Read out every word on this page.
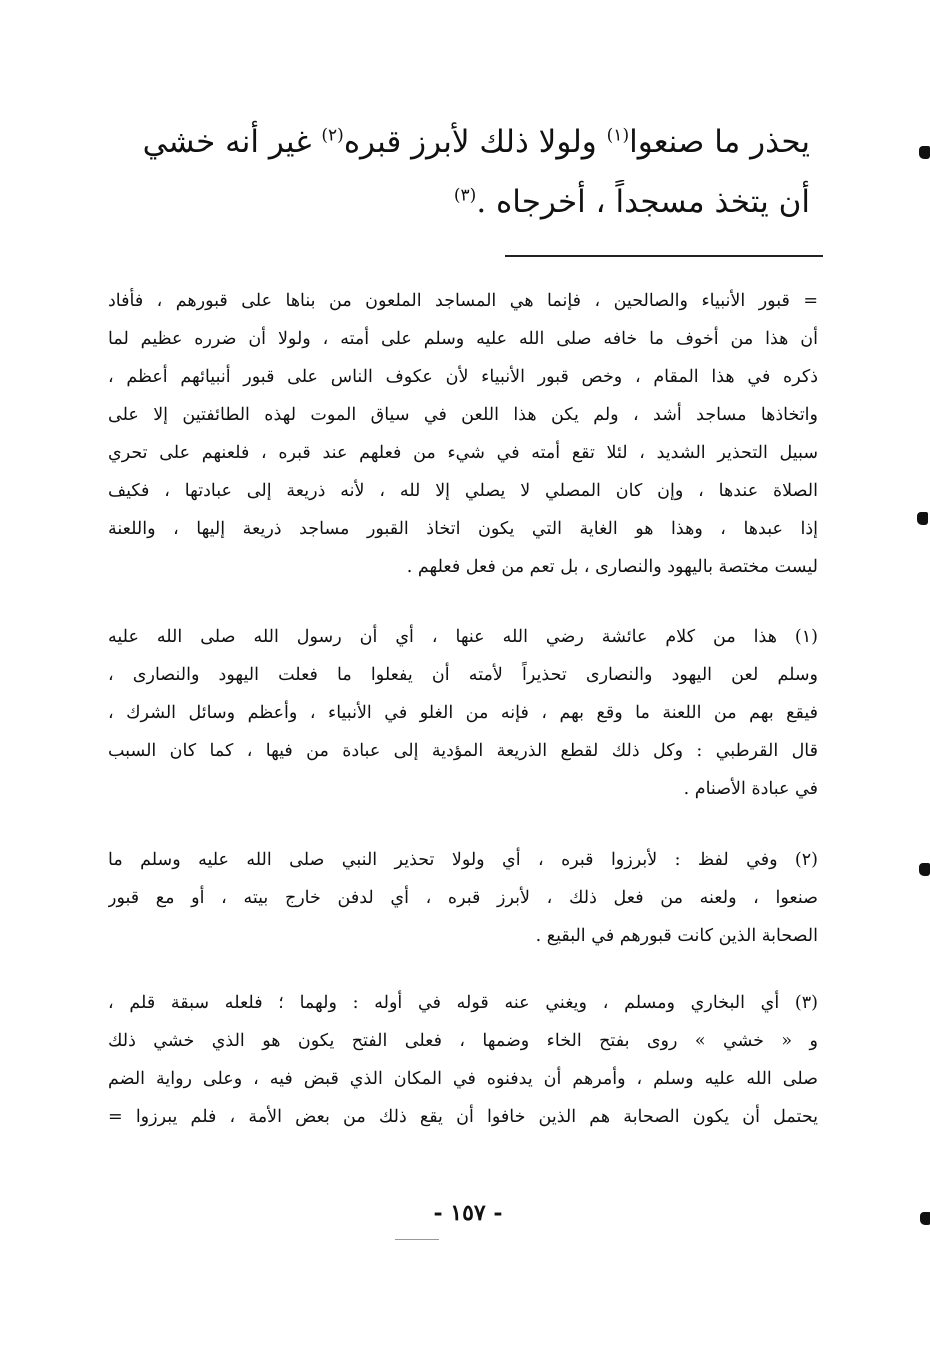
يحذر ما صنعوا$^{(١)}$ ولولا ذلك لأبرز قبره$^{(٢)}$ غير أنه خشي
أن يتخذ مسجداً ، أخرجاه .$^{(٣)}$
= قبور الأنبياء والصالحين ، فإنما هي المساجد الملعون من بناها على قبورهم ، فأفاد
أن هذا من أخوف ما خافه صلى الله عليه وسلم على أمته ، ولولا أن ضرره عظيم لما
ذكره في هذا المقام ، وخص قبور الأنبياء لأن عكوف الناس على قبور أنبيائهم أعظم ،
واتخاذها مساجد أشد ، ولم يكن هذا اللعن في سياق الموت لهذه الطائفتين إلا على
سبيل التحذير الشديد ، لئلا تقع أمته في شيء من فعلهم عند قبره ، فلعنهم على تحري
الصلاة عندها ، وإن كان المصلي لا يصلي إلا لله ، لأنه ذريعة إلى عبادتها ، فكيف
إذا عبدها ، وهذا هو الغاية التي يكون اتخاذ القبور مساجد ذريعة إليها ، واللعنة
ليست مختصة باليهود والنصارى ، بل تعم من فعل فعلهم .
(١) هذا من كلام عائشة رضي الله عنها ، أي أن رسول الله صلى الله عليه
وسلم لعن اليهود والنصارى تحذيراً لأمته أن يفعلوا ما فعلت اليهود والنصارى ،
فيقع بهم من اللعنة ما وقع بهم ، فإنه من الغلو في الأنبياء ، وأعظم وسائل الشرك ،
قال القرطبي : وكل ذلك لقطع الذريعة المؤدية إلى عبادة من فيها ، كما كان السبب
في عبادة الأصنام .
(٢) وفي لفظ : لأبرزوا قبره ، أي ولولا تحذير النبي صلى الله عليه وسلم ما
صنعوا ، ولعنه من فعل ذلك ، لأبرز قبره ، أي لدفن خارج بيته ، أو مع قبور
الصحابة الذين كانت قبورهم في البقيع .
(٣) أي البخاري ومسلم ، ويغني عنه قوله في أوله : ولهما ؛ فلعله سبقة قلم ،
و « خشي » روى بفتح الخاء وضمها ، فعلى الفتح يكون هو الذي خشي ذلك
صلى الله عليه وسلم ، وأمرهم أن يدفنوه في المكان الذي قبض فيه ، وعلى رواية الضم
يحتمل أن يكون الصحابة هم الذين خافوا أن يقع ذلك من بعض الأمة ، فلم يبرزوا =
- ١٥٧ -
